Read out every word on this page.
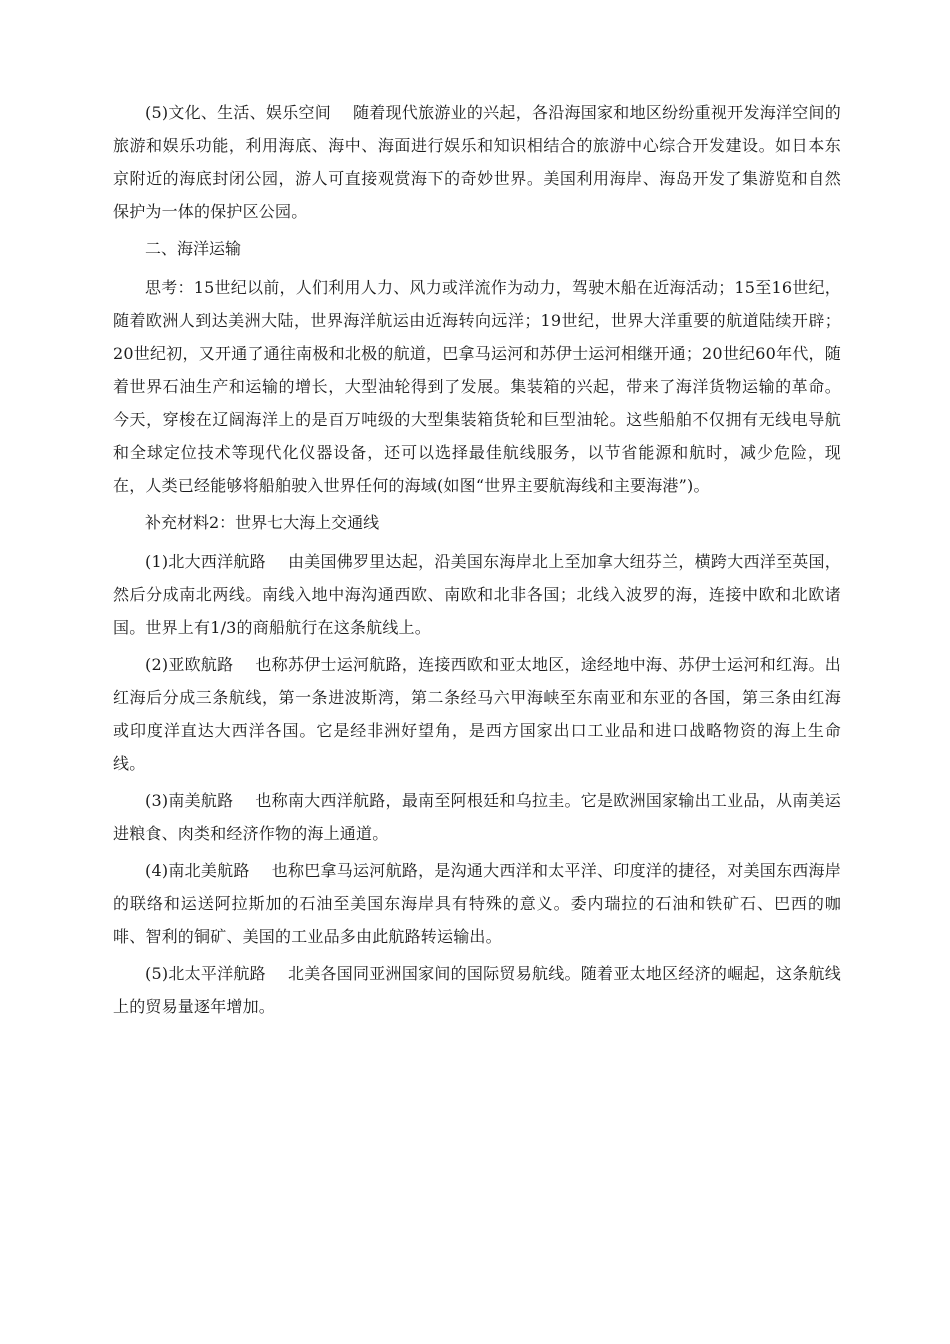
(5)文化、生活、娱乐空间 随着现代旅游业的兴起，各沿海国家和地区纷纷重视开发海洋空间的旅游和娱乐功能，利用海底、海中、海面进行娱乐和知识相结合的旅游中心综合开发建设。如日本东京附近的海底封闭公园，游人可直接观赏海下的奇妙世界。美国利用海岸、海岛开发了集游览和自然保护为一体的保护区公园。

二、海洋运输

思考：15世纪以前，人们利用人力、风力或洋流作为动力，驾驶木船在近海活动；15至16世纪，随着欧洲人到达美洲大陆，世界海洋航运由近海转向远洋；19世纪，世界大洋重要的航道陆续开辟；20世纪初，又开通了通往南极和北极的航道，巴拿马运河和苏伊士运河相继开通；20世纪60年代，随着世界石油生产和运输的增长，大型油轮得到了发展。集装箱的兴起，带来了海洋货物运输的革命。今天，穿梭在辽阔海洋上的是百万吨级的大型集装箱货轮和巨型油轮。这些船舶不仅拥有无线电导航和全球定位技术等现代化仪器设备，还可以选择最佳航线服务，以节省能源和航时，减少危险，现在，人类已经能够将船舶驶入世界任何的海域(如图“世界主要航海线和主要海港”)。

补充材料2：世界七大海上交通线

(1)北大西洋航路 由美国佛罗里达起，沿美国东海岸北上至加拿大纽芬兰，横跨大西洋至英国，然后分成南北两线。南线入地中海沟通西欧、南欧和北非各国；北线入波罗的海，连接中欧和北欧诸国。世界上有1/3的商船航行在这条航线上。

(2)亚欧航路 也称苏伊士运河航路，连接西欧和亚太地区，途经地中海、苏伊士运河和红海。出红海后分成三条航线，第一条进波斯湾，第二条经马六甲海峡至东南亚和东亚的各国，第三条由红海或印度洋直达大西洋各国。它是经非洲好望角，是西方国家出口工业品和进口战略物资的海上生命线。

(3)南美航路 也称南大西洋航路，最南至阿根廷和乌拉圭。它是欧洲国家输出工业品，从南美运进粮食、肉类和经济作物的海上通道。

(4)南北美航路 也称巴拿马运河航路，是沟通大西洋和太平洋、印度洋的捷径，对美国东西海岸的联络和运送阿拉斯加的石油至美国东海岸具有特殊的意义。委内瑞拉的石油和铁矿石、巴西的咖啡、智利的铜矿、美国的工业品多由此航路转运输出。

(5)北太平洋航路 北美各国同亚洲国家间的国际贸易航线。随着亚太地区经济的崛起，这条航线上的贸易量逐年增加。
